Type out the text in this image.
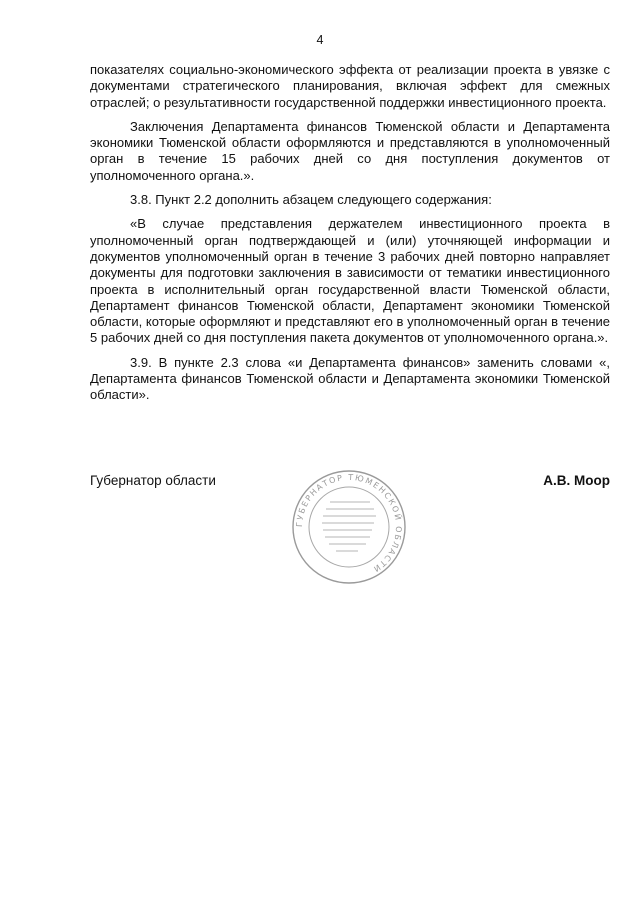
4

показателях социально-экономического эффекта от реализации проекта в увязке с документами стратегического планирования, включая эффект для смежных отраслей; о результативности государственной поддержки инвестиционного проекта.

Заключения Департамента финансов Тюменской области и Департамента экономики Тюменской области оформляются и представляются в уполномоченный орган в течение 15 рабочих дней со дня поступления документов от уполномоченного органа.».

3.8. Пункт 2.2 дополнить абзацем следующего содержания:

«В случае представления держателем инвестиционного проекта в уполномоченный орган подтверждающей и (или) уточняющей информации и документов уполномоченный орган в течение 3 рабочих дней повторно направляет документы для подготовки заключения в зависимости от тематики инвестиционного проекта в исполнительный орган государственной власти Тюменской области, Департамент финансов Тюменской области, Департамент экономики Тюменской области, которые оформляют и представляют его в уполномоченный орган в течение 5 рабочих дней со дня поступления пакета документов от уполномоченного органа.».

3.9. В пункте 2.3 слова «и Департамента финансов» заменить словами «, Департамента финансов Тюменской области и Департамента экономики Тюменской области».

Губернатор области	А.В. Моор
ГУБЕРНАТОР ТЮМЕНСКОЙ ОБЛАСТИ
